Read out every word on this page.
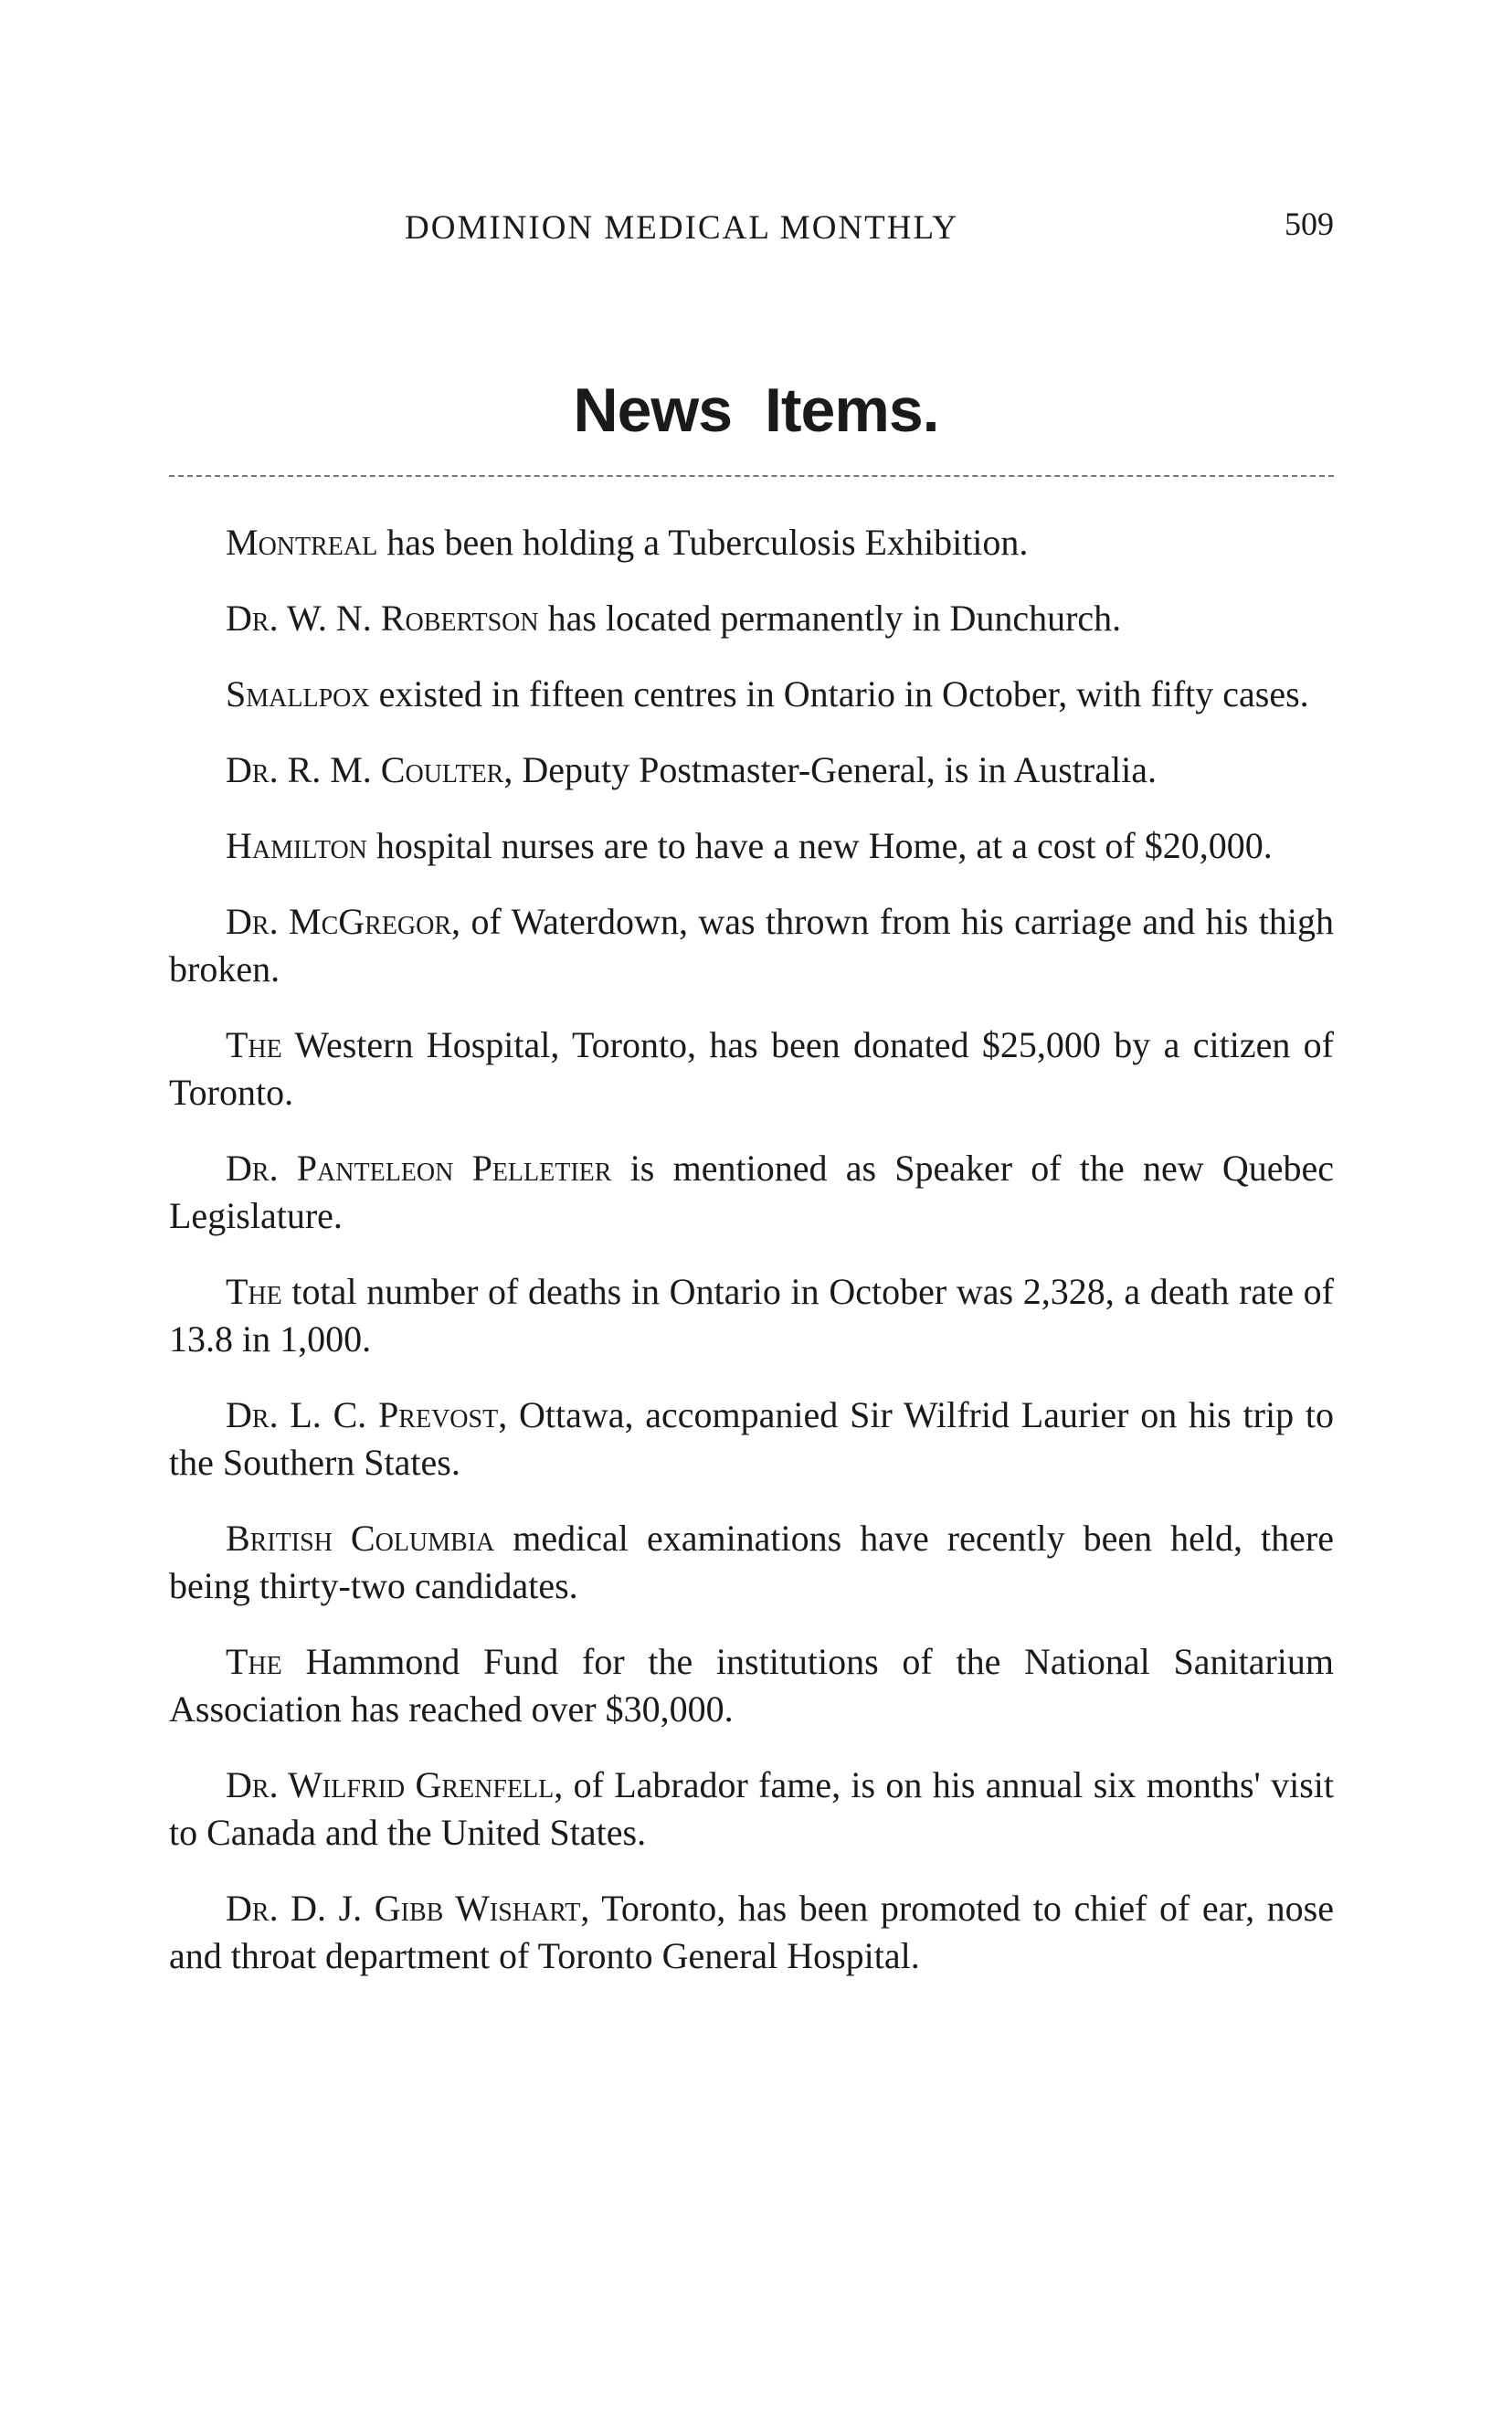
DOMINION MEDICAL MONTHLY	509
News Items.

Montreal has been holding a Tuberculosis Exhibition.

Dr. W. N. Robertson has located permanently in Dunchurch.

Smallpox existed in fifteen centres in Ontario in October, with fifty cases.

Dr. R. M. Coulter, Deputy Postmaster-General, is in Australia.

Hamilton hospital nurses are to have a new Home, at a cost of $20,000.

Dr. McGregor, of Waterdown, was thrown from his carriage and his thigh broken.

The Western Hospital, Toronto, has been donated $25,000 by a citizen of Toronto.

Dr. Panteleon Pelletier is mentioned as Speaker of the new Quebec Legislature.

The total number of deaths in Ontario in October was 2,328, a death rate of 13.8 in 1,000.

Dr. L. C. Prevost, Ottawa, accompanied Sir Wilfrid Laurier on his trip to the Southern States.

British Columbia medical examinations have recently been held, there being thirty-two candidates.

The Hammond Fund for the institutions of the National Sanitarium Association has reached over $30,000.

Dr. Wilfrid Grenfell, of Labrador fame, is on his annual six months' visit to Canada and the United States.

Dr. D. J. Gibb Wishart, Toronto, has been promoted to chief of ear, nose and throat department of Toronto General Hospital.
